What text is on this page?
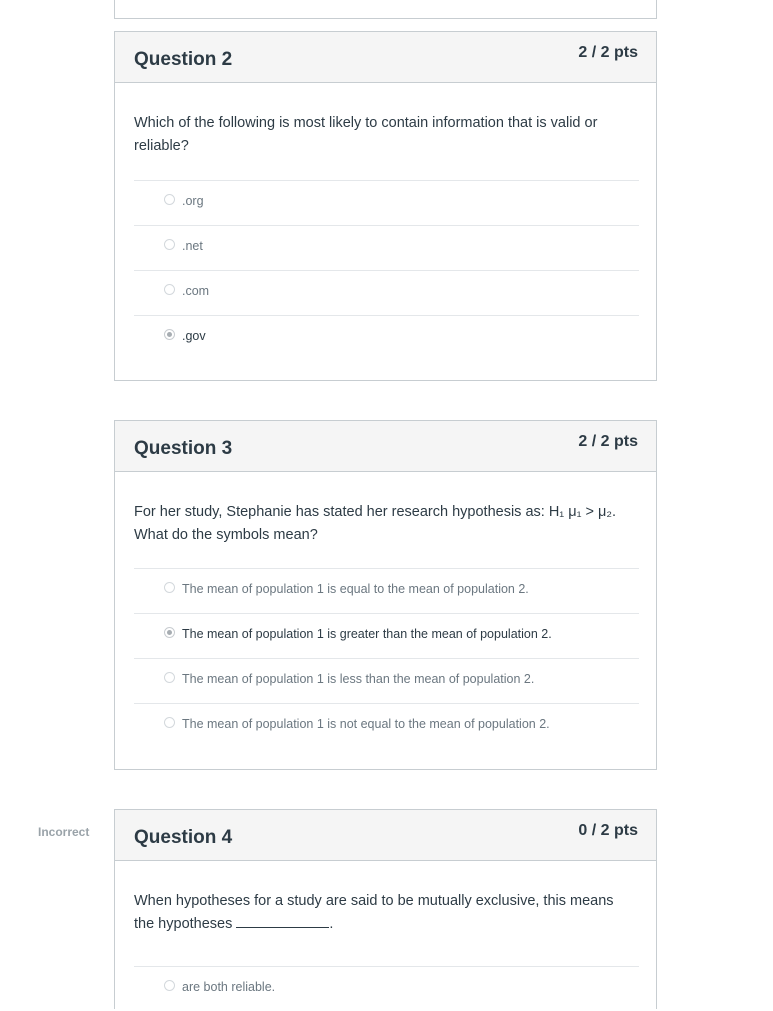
Question 2	2 / 2 pts
Which of the following is most likely to contain information that is valid or reliable?
.org
.net
.com
.gov
Question 3	2 / 2 pts
For her study, Stephanie has stated her research hypothesis as: H₁ μ₁ > μ₂.
What do the symbols mean?
The mean of population 1 is equal to the mean of population 2.
The mean of population 1 is greater than the mean of population 2.
The mean of population 1 is less than the mean of population 2.
The mean of population 1 is not equal to the mean of population 2.
Incorrect Question 4	0 / 2 pts
When hypotheses for a study are said to be mutually exclusive, this means
the hypotheses	.
are both reliable.
